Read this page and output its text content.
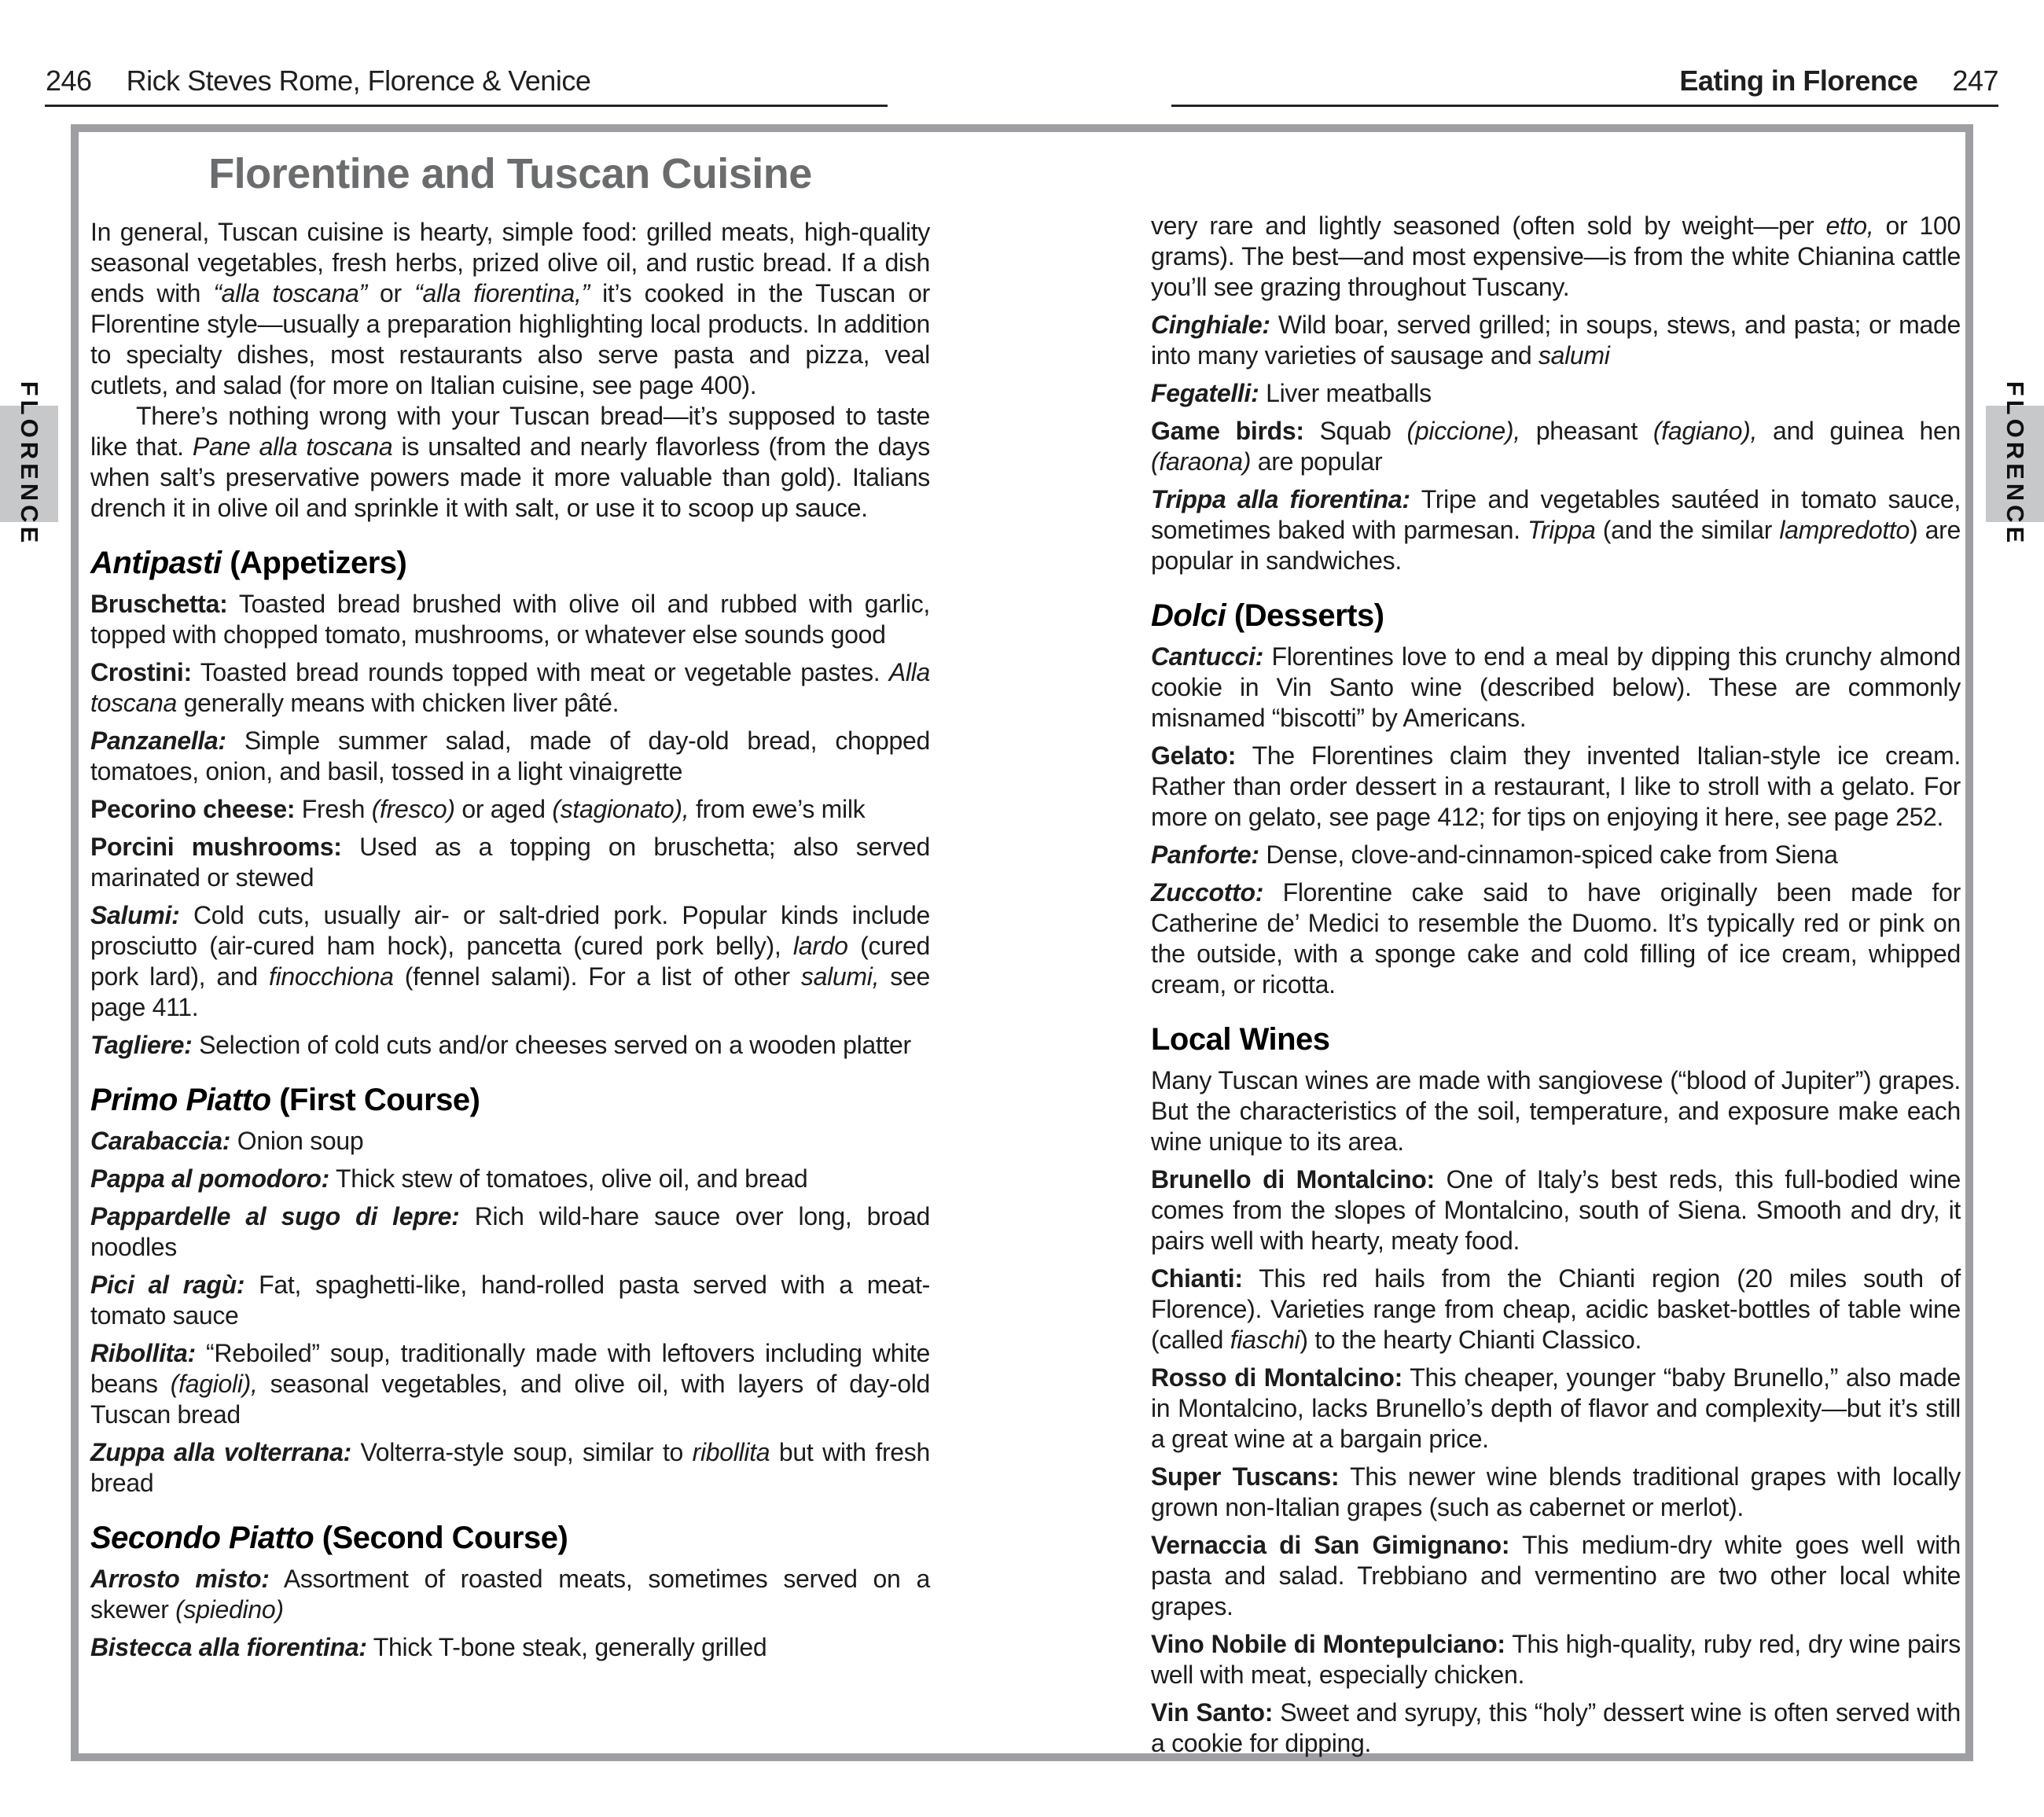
246 Rick Steves Rome, Florence & Venice	Eating in Florence 247
FLORENCE	FLORENCE
Florentine and Tuscan Cuisine

In general, Tuscan cuisine is hearty, simple food: grilled meats, high-quality seasonal vegetables, fresh herbs, prized olive oil, and rustic bread. If a dish ends with “alla toscana” or “alla fiorentina,” it’s cooked in the Tuscan or Florentine style—usually a preparation highlighting local products. In addition to specialty dishes, most restaurants also serve pasta and pizza, veal cutlets, and salad (for more on Italian cuisine, see page 400).

There’s nothing wrong with your Tuscan bread—it’s supposed to taste like that. Pane alla toscana is unsalted and nearly flavorless (from the days when salt’s preservative powers made it more valuable than gold). Italians drench it in olive oil and sprinkle it with salt, or use it to scoop up sauce.

Antipasti (Appetizers)

Bruschetta: Toasted bread brushed with olive oil and rubbed with garlic, topped with chopped tomato, mushrooms, or whatever else sounds good

Crostini: Toasted bread rounds topped with meat or vegetable pastes. Alla toscana generally means with chicken liver pâté.

Panzanella: Simple summer salad, made of day-old bread, chopped tomatoes, onion, and basil, tossed in a light vinaigrette

Pecorino cheese: Fresh (fresco) or aged (stagionato), from ewe’s milk

Porcini mushrooms: Used as a topping on bruschetta; also served marinated or stewed

Salumi: Cold cuts, usually air- or salt-dried pork. Popular kinds include prosciutto (air-cured ham hock), pancetta (cured pork belly), lardo (cured pork lard), and finocchiona (fennel salami). For a list of other salumi, see page 411.

Tagliere: Selection of cold cuts and/or cheeses served on a wooden platter

Primo Piatto (First Course)

Carabaccia: Onion soup

Pappa al pomodoro: Thick stew of tomatoes, olive oil, and bread

Pappardelle al sugo di lepre: Rich wild-hare sauce over long, broad noodles

Pici al ragù: Fat, spaghetti-like, hand-rolled pasta served with a meat-tomato sauce

Ribollita: “Reboiled” soup, traditionally made with leftovers including white beans (fagioli), seasonal vegetables, and olive oil, with layers of day-old Tuscan bread

Zuppa alla volterrana: Volterra-style soup, similar to ribollita but with fresh bread

Secondo Piatto (Second Course)

Arrosto misto: Assortment of roasted meats, sometimes served on a skewer (spiedino)

Bistecca alla fiorentina: Thick T-bone steak, generally grilled

very rare and lightly seasoned (often sold by weight—per etto, or 100 grams). The best—and most expensive—is from the white Chianina cattle you’ll see grazing throughout Tuscany.

Cinghiale: Wild boar, served grilled; in soups, stews, and pasta; or made into many varieties of sausage and salumi

Fegatelli: Liver meatballs

Game birds: Squab (piccione), pheasant (fagiano), and guinea hen (faraona) are popular

Trippa alla fiorentina: Tripe and vegetables sautéed in tomato sauce, sometimes baked with parmesan. Trippa (and the similar lampredotto) are popular in sandwiches.

Dolci (Desserts)

Cantucci: Florentines love to end a meal by dipping this crunchy almond cookie in Vin Santo wine (described below). These are commonly misnamed “biscotti” by Americans.

Gelato: The Florentines claim they invented Italian-style ice cream. Rather than order dessert in a restaurant, I like to stroll with a gelato. For more on gelato, see page 412; for tips on enjoying it here, see page 252.

Panforte: Dense, clove-and-cinnamon-spiced cake from Siena

Zuccotto: Florentine cake said to have originally been made for Catherine de’ Medici to resemble the Duomo. It’s typically red or pink on the outside, with a sponge cake and cold filling of ice cream, whipped cream, or ricotta.

Local Wines

Many Tuscan wines are made with sangiovese (“blood of Jupiter”) grapes. But the characteristics of the soil, temperature, and exposure make each wine unique to its area.

Brunello di Montalcino: One of Italy’s best reds, this full-bodied wine comes from the slopes of Montalcino, south of Siena. Smooth and dry, it pairs well with hearty, meaty food.

Chianti: This red hails from the Chianti region (20 miles south of Florence). Varieties range from cheap, acidic basket-bottles of table wine (called fiaschi) to the hearty Chianti Classico.

Rosso di Montalcino: This cheaper, younger “baby Brunello,” also made in Montalcino, lacks Brunello’s depth of flavor and complexity—but it’s still a great wine at a bargain price.

Super Tuscans: This newer wine blends traditional grapes with locally grown non-Italian grapes (such as cabernet or merlot).

Vernaccia di San Gimignano: This medium-dry white goes well with pasta and salad. Trebbiano and vermentino are two other local white grapes.

Vino Nobile di Montepulciano: This high-quality, ruby red, dry wine pairs well with meat, especially chicken.

Vin Santo: Sweet and syrupy, this “holy” dessert wine is often served with a cookie for dipping.
